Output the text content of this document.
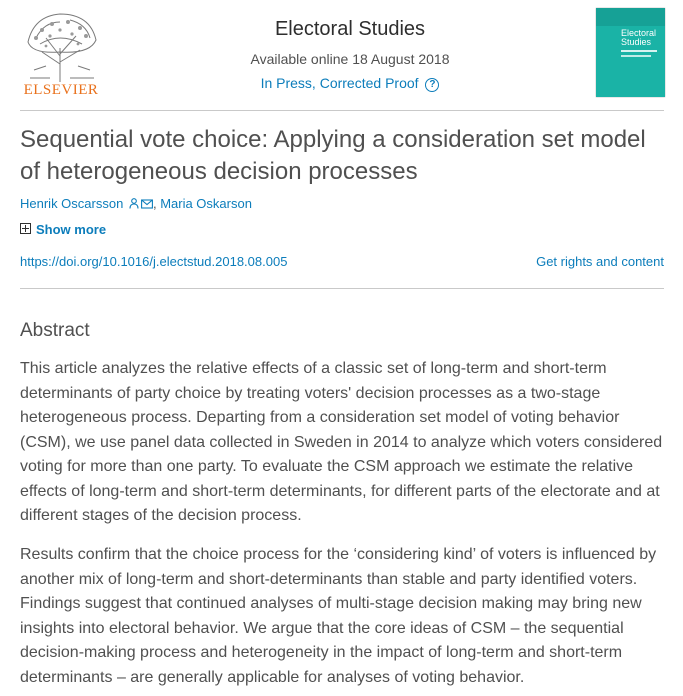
ELSEVIER
Electoral Studies
Available online 18 August 2018
In Press, Corrected Proof ?
Electoral
Studies
Sequential vote choice: Applying a consideration set model of heterogeneous decision processes
Henrik Oscarsson , Maria Oskarson
Show more
https://doi.org/10.1016/j.electstud.2018.08.005	Get rights and content
Abstract
This article analyzes the relative effects of a classic set of long-term and short-term determinants of party choice by treating voters' decision processes as a two-stage heterogeneous process. Departing from a consideration set model of voting behavior (CSM), we use panel data collected in Sweden in 2014 to analyze which voters considered voting for more than one party. To evaluate the CSM approach we estimate the relative effects of long-term and short-term determinants, for different parts of the electorate and at different stages of the decision process.
Results confirm that the choice process for the ‘considering kind’ of voters is influenced by another mix of long-term and short-determinants than stable and party identified voters. Findings suggest that continued analyses of multi-stage decision making may bring new insights into electoral behavior. We argue that the core ideas of CSM – the sequential decision-making process and heterogeneity in the impact of long-term and short-term determinants – are generally applicable for analyses of voting behavior.
